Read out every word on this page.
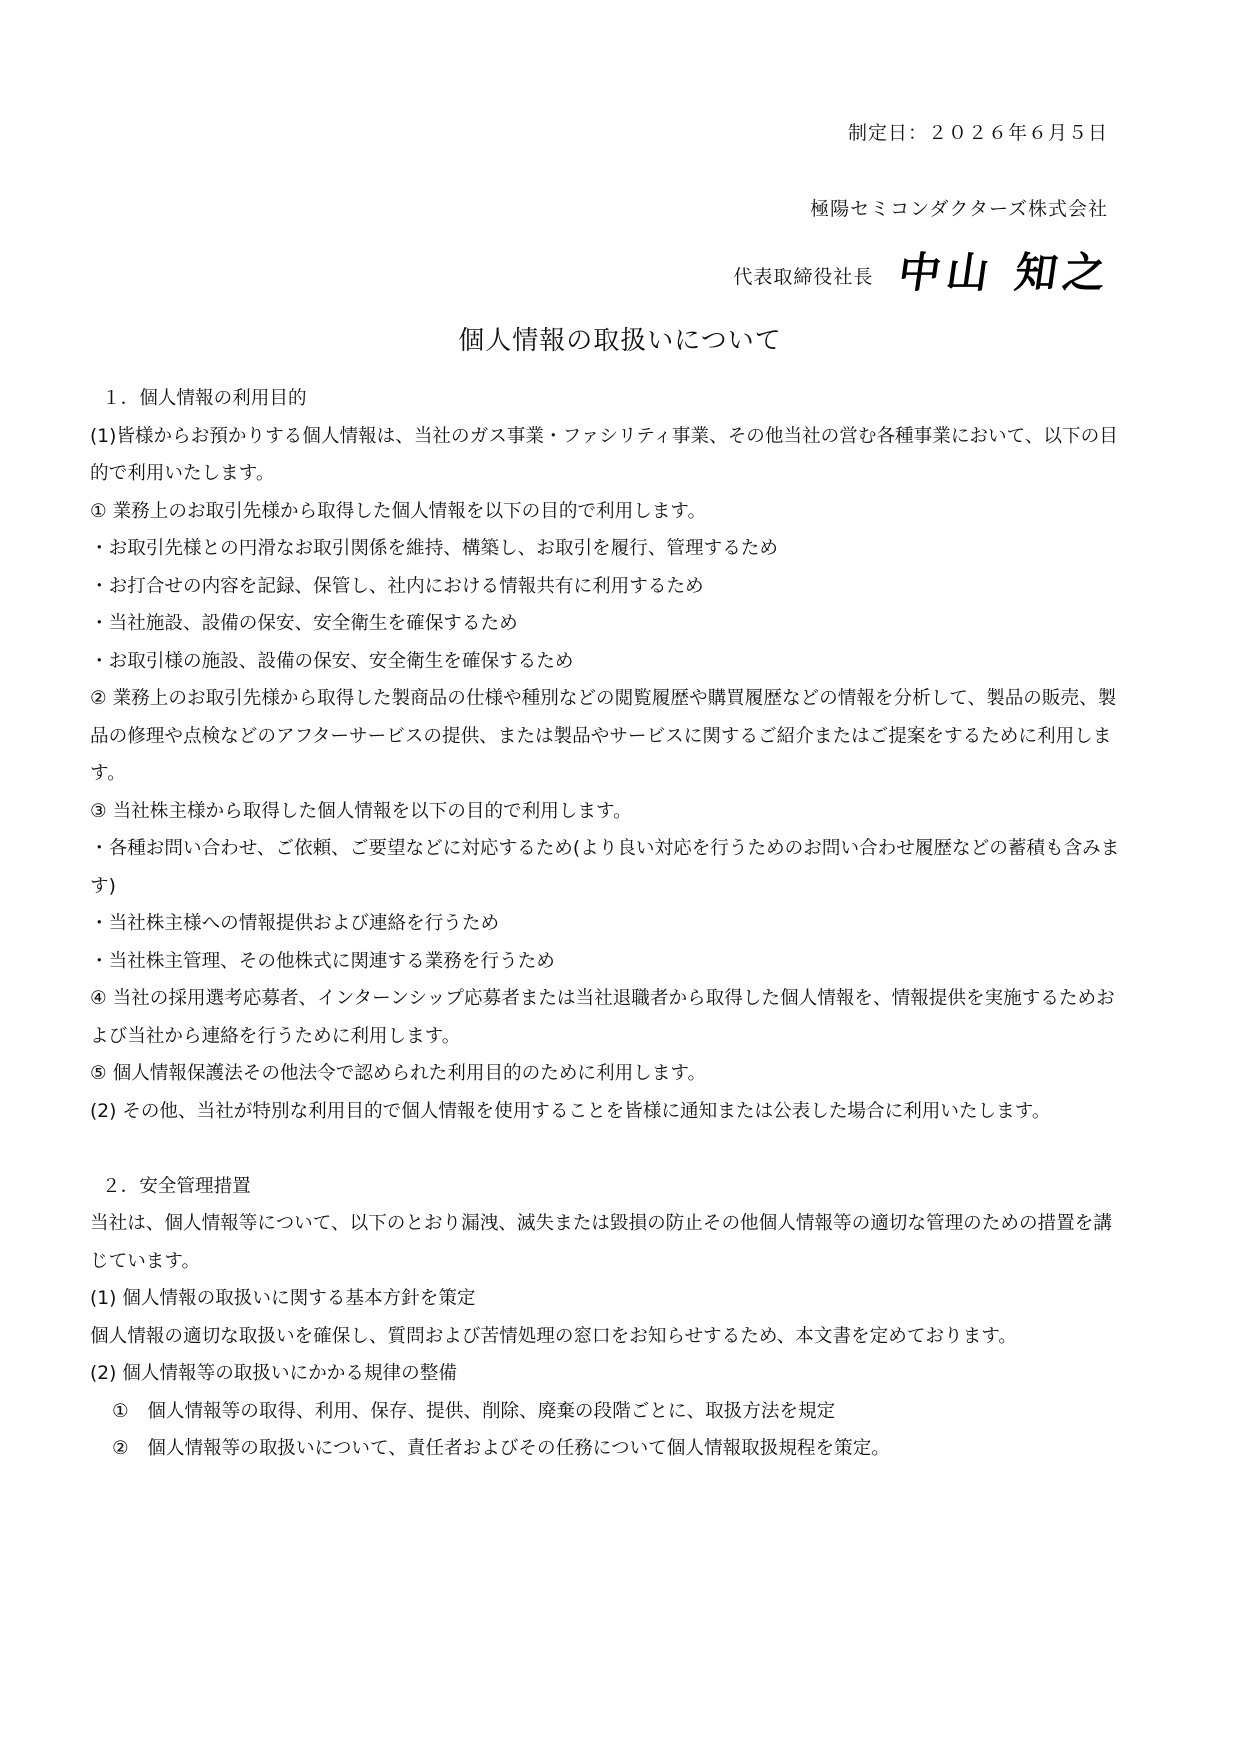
制定日：２０２６年６月５日
極陽セミコンダクターズ株式会社
代表取締役社長 中山 知之
個人情報の取扱いについて

１．個人情報の利用目的

(1)皆様からお預かりする個人情報は、当社のガス事業・ファシリティ事業、その他当社の営む各種事業において、以下の目的で利用いたします。

① 業務上のお取引先様から取得した個人情報を以下の目的で利用します。

・お取引先様との円滑なお取引関係を維持、構築し、お取引を履行、管理するため

・お打合せの内容を記録、保管し、社内における情報共有に利用するため

・当社施設、設備の保安、安全衛生を確保するため

・お取引様の施設、設備の保安、安全衛生を確保するため

② 業務上のお取引先様から取得した製商品の仕様や種別などの閲覧履歴や購買履歴などの情報を分析して、製品の販売、製品の修理や点検などのアフターサービスの提供、または製品やサービスに関するご紹介またはご提案をするために利用します。

③ 当社株主様から取得した個人情報を以下の目的で利用します。

・各種お問い合わせ、ご依頼、ご要望などに対応するため(より良い対応を行うためのお問い合わせ履歴などの蓄積も含みます)

・当社株主様への情報提供および連絡を行うため

・当社株主管理、その他株式に関連する業務を行うため

④ 当社の採用選考応募者、インターンシップ応募者または当社退職者から取得した個人情報を、情報提供を実施するためおよび当社から連絡を行うために利用します。

⑤ 個人情報保護法その他法令で認められた利用目的のために利用します。

(2) その他、当社が特別な利用目的で個人情報を使用することを皆様に通知または公表した場合に利用いたします。

２．安全管理措置

当社は、個人情報等について、以下のとおり漏洩、滅失または毀損の防止その他個人情報等の適切な管理のための措置を講じています。

(1) 個人情報の取扱いに関する基本方針を策定

個人情報の適切な取扱いを確保し、質問および苦情処理の窓口をお知らせするため、本文書を定めております。

(2) 個人情報等の取扱いにかかる規律の整備

①　個人情報等の取得、利用、保存、提供、削除、廃棄の段階ごとに、取扱方法を規定

②　個人情報等の取扱いについて、責任者およびその任務について個人情報取扱規程を策定。
